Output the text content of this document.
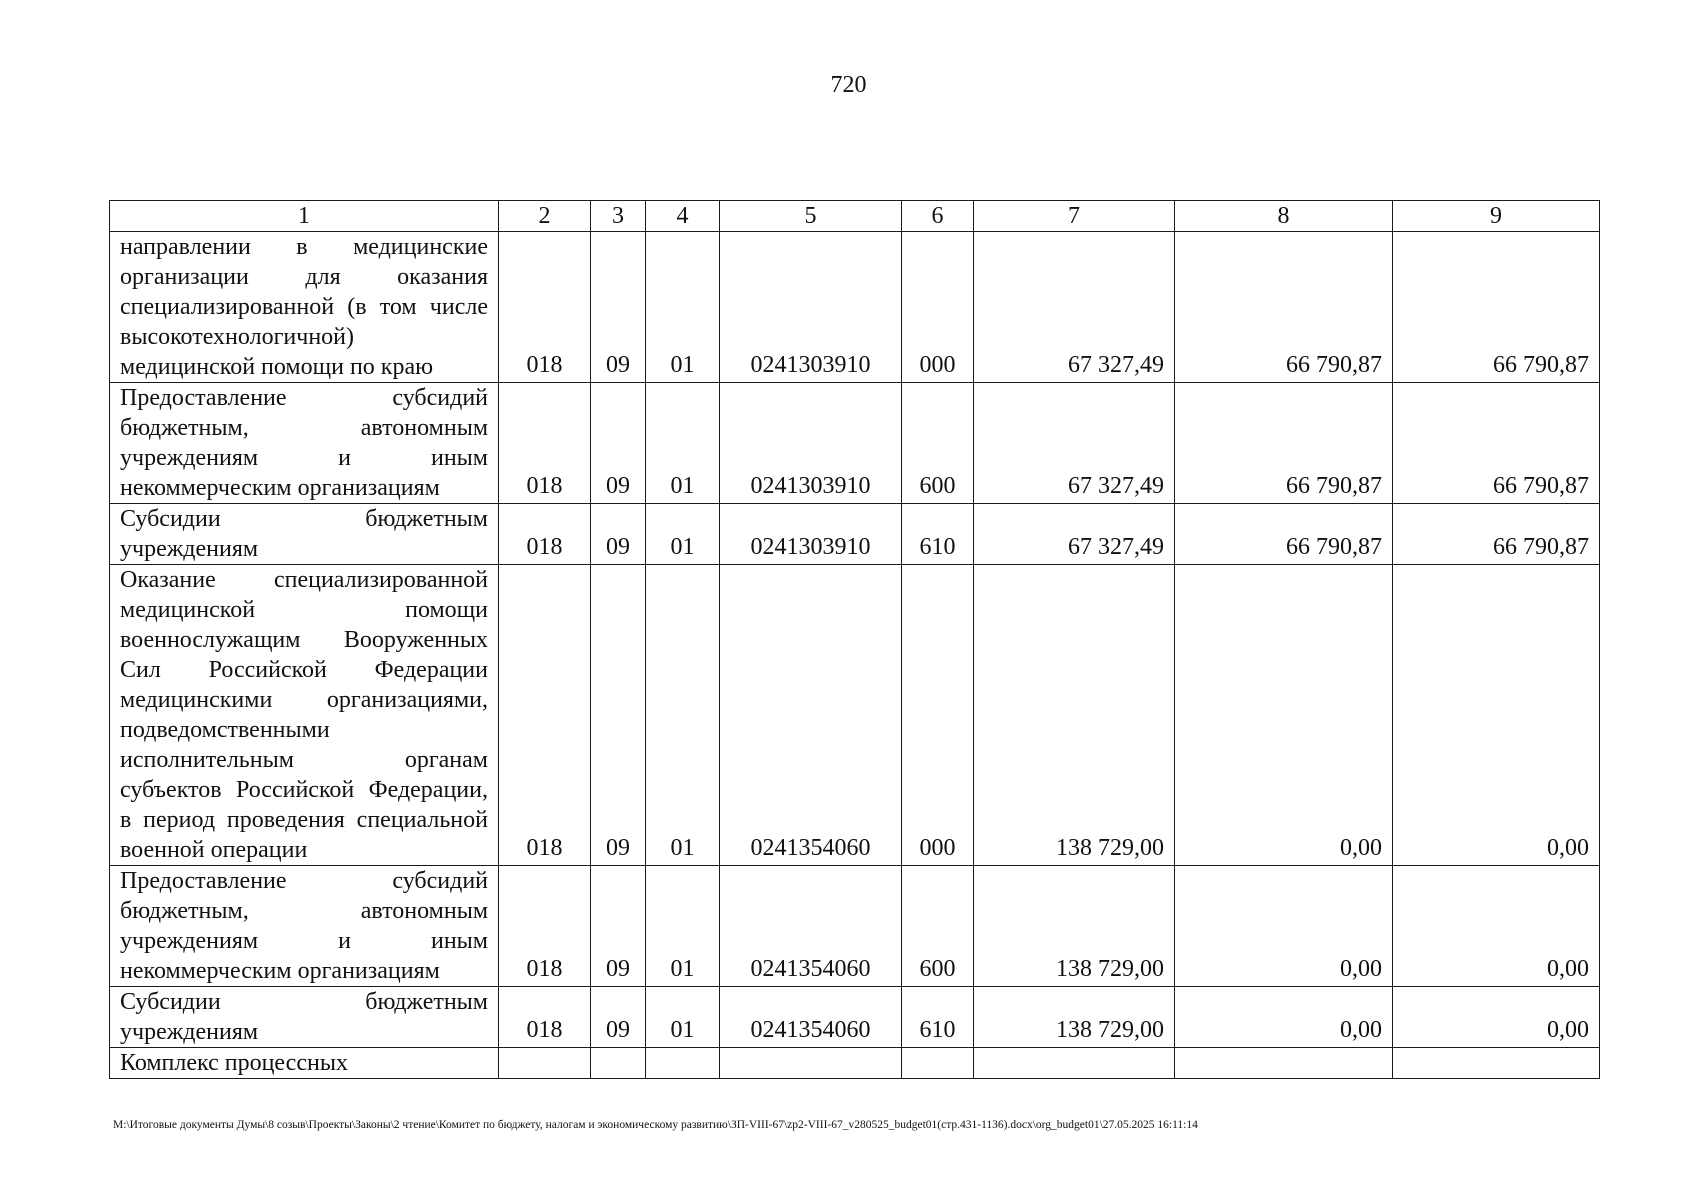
720
1	2	3	4	5	6	7	8	9
направлении в медицинские организации для оказания специализированной (в том числе высокотехнологичной) медицинской помощи по краю	018	09	01	0241303910	000	67 327,49	66 790,87	66 790,87
Предоставление субсидий бюджетным, автономным учреждениям и иным некоммерческим организациям	018	09	01	0241303910	600	67 327,49	66 790,87	66 790,87
Субсидии бюджетным учреждениям	018	09	01	0241303910	610	67 327,49	66 790,87	66 790,87
Оказание специализированной медицинской помощи военнослужащим Вооруженных Сил Российской Федерации медицинскими организациями, подведомственными исполнительным органам субъектов Российской Федерации, в период проведения специальной военной операции	018	09	01	0241354060	000	138 729,00	0,00	0,00
Предоставление субсидий бюджетным, автономным учреждениям и иным некоммерческим организациям	018	09	01	0241354060	600	138 729,00	0,00	0,00
Субсидии бюджетным учреждениям	018	09	01	0241354060	610	138 729,00	0,00	0,00
Комплекс процессных								
M:\Итоговые документы Думы\8 созыв\Проекты\Законы\2 чтение\Комитет по бюджету, налогам и экономическому развитию\ЗП-VIII-67\zp2-VIII-67_v280525_budget01(стр.431-1136).docx\org_budget01\27.05.2025 16:11:14
